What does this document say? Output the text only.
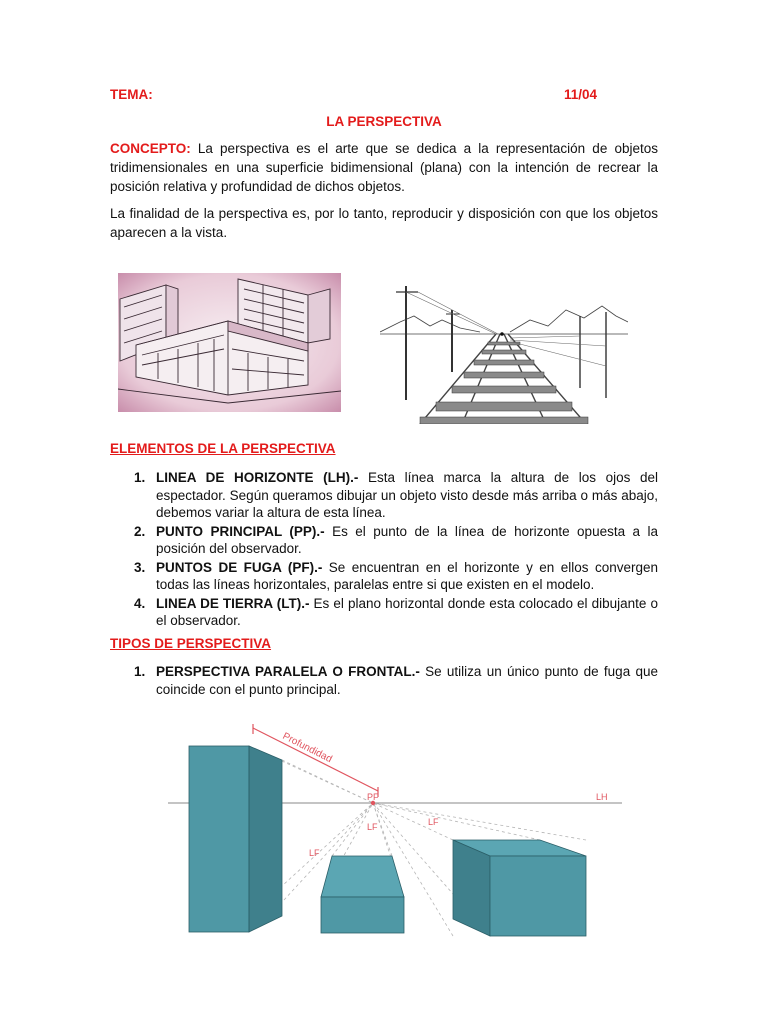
TEMA:	11/04
LA PERSPECTIVA
CONCEPTO: La perspectiva es el arte que se dedica a la representación de objetos tridimensionales en una superficie bidimensional (plana) con la intención de recrear la posición relativa y profundidad de dichos objetos.
La finalidad de la perspectiva es, por lo tanto, reproducir y disposición con que los objetos aparecen a la vista.
ELEMENTOS DE LA PERSPECTIVA
1. LINEA DE HORIZONTE (LH).- Esta línea marca la altura de los ojos del espectador. Según queramos dibujar un objeto visto desde más arriba o más abajo, debemos variar la altura de esta línea.
2. PUNTO PRINCIPAL (PP).- Es el punto de la línea de horizonte opuesta a la posición del observador.
3. PUNTOS DE FUGA (PF).- Se encuentran en el horizonte y en ellos convergen todas las líneas horizontales, paralelas entre si que existen en el modelo.
4. LINEA DE TIERRA (LT).- Es el plano horizontal donde esta colocado el dibujante o el observador.
TIPOS DE PERSPECTIVA
1. PERSPECTIVA PARALELA O FRONTAL.- Se utiliza un único punto de fuga que coincide con el punto principal.
Profundidad
PF	LH
LF	LF
LF
